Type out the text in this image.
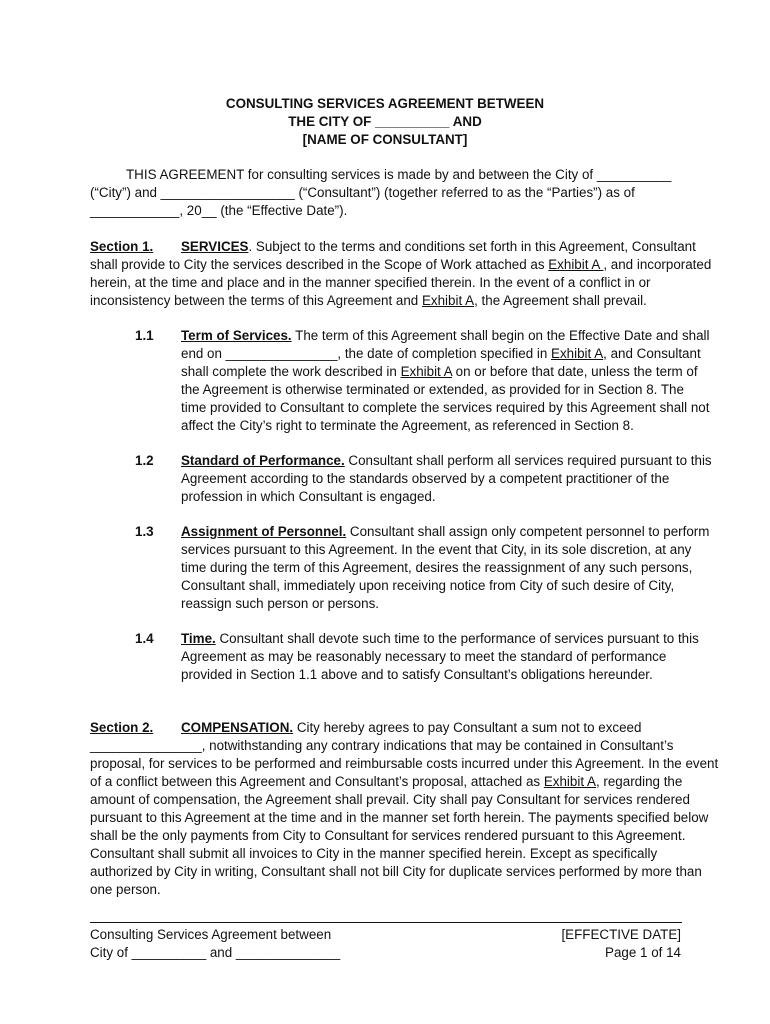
CONSULTING SERVICES AGREEMENT BETWEEN
THE CITY OF __________ AND
[NAME OF CONSULTANT]
THIS AGREEMENT for consulting services is made by and between the City of __________
(“City”) and __________________ (“Consultant”) (together referred to as the “Parties”) as of
____________, 20__ (the “Effective Date”).
Section 1. SERVICES. Subject to the terms and conditions set forth in this Agreement, Consultant
shall provide to City the services described in the Scope of Work attached as Exhibit A , and incorporated
herein, at the time and place and in the manner specified therein. In the event of a conflict in or
inconsistency between the terms of this Agreement and Exhibit A, the Agreement shall prevail.
1.1 Term of Services. The term of this Agreement shall begin on the Effective Date and shall
end on _______________, the date of completion specified in Exhibit A, and Consultant
shall complete the work described in Exhibit A on or before that date, unless the term of
the Agreement is otherwise terminated or extended, as provided for in Section 8. The
time provided to Consultant to complete the services required by this Agreement shall not
affect the City’s right to terminate the Agreement, as referenced in Section 8.
1.2 Standard of Performance. Consultant shall perform all services required pursuant to this
Agreement according to the standards observed by a competent practitioner of the
profession in which Consultant is engaged.
1.3 Assignment of Personnel. Consultant shall assign only competent personnel to perform
services pursuant to this Agreement. In the event that City, in its sole discretion, at any
time during the term of this Agreement, desires the reassignment of any such persons,
Consultant shall, immediately upon receiving notice from City of such desire of City,
reassign such person or persons.
1.4 Time. Consultant shall devote such time to the performance of services pursuant to this
Agreement as may be reasonably necessary to meet the standard of performance
provided in Section 1.1 above and to satisfy Consultant’s obligations hereunder.
Section 2. COMPENSATION. City hereby agrees to pay Consultant a sum not to exceed
_______________, notwithstanding any contrary indications that may be contained in Consultant’s
proposal, for services to be performed and reimbursable costs incurred under this Agreement. In the event
of a conflict between this Agreement and Consultant’s proposal, attached as Exhibit A, regarding the
amount of compensation, the Agreement shall prevail. City shall pay Consultant for services rendered
pursuant to this Agreement at the time and in the manner set forth herein. The payments specified below
shall be the only payments from City to Consultant for services rendered pursuant to this Agreement.
Consultant shall submit all invoices to City in the manner specified herein. Except as specifically
authorized by City in writing, Consultant shall not bill City for duplicate services performed by more than
one person.
Consulting Services Agreement between
City of __________ and ______________
[EFFECTIVE DATE]
Page 1 of 14
